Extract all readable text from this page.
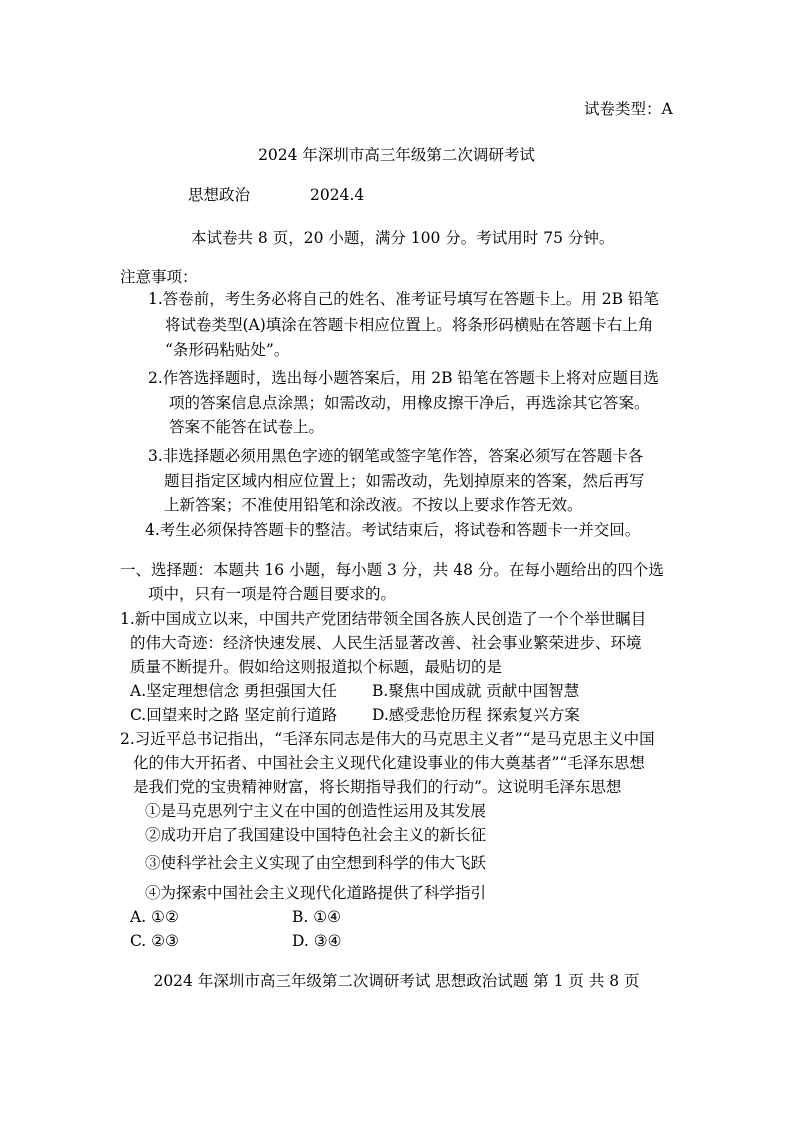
试卷类型：A
2024 年深圳市高三年级第二次调研考试
思想政治	2024.4
本试卷共 8 页，20 小题，满分 100 分。考试用时 75 分钟。
注意事项：
1.答卷前，考生务必将自己的姓名、准考证号填写在答题卡上。用 2B 铅笔
将试卷类型(A)填涂在答题卡相应位置上。将条形码横贴在答题卡右上角
“条形码粘贴处”。
2.作答选择题时，选出每小题答案后，用 2B 铅笔在答题卡上将对应题目选
项的答案信息点涂黑；如需改动，用橡皮擦干净后，再选涂其它答案。
答案不能答在试卷上。
3.非选择题必须用黑色字迹的钢笔或签字笔作答，答案必须写在答题卡各
题目指定区域内相应位置上；如需改动，先划掉原来的答案，然后再写
上新答案；不准使用铅笔和涂改液。不按以上要求作答无效。
4.考生必须保持答题卡的整洁。考试结束后，将试卷和答题卡一并交回。
一、选择题：本题共 16 小题，每小题 3 分，共 48 分。在每小题给出的四个选
项中，只有一项是符合题目要求的。
1.新中国成立以来，中国共产党团结带领全国各族人民创造了一个个举世瞩目
的伟大奇迹：经济快速发展、人民生活显著改善、社会事业繁荣进步、环境
质量不断提升。假如给这则报道拟个标题，最贴切的是
A.坚定理想信念 勇担强国大任 B.聚焦中国成就 贡献中国智慧
C.回望来时之路 坚定前行道路 D.感受悲怆历程 探索复兴方案
2.习近平总书记指出，“毛泽东同志是伟大的马克思主义者”“是马克思主义中国
化的伟大开拓者、中国社会主义现代化建设事业的伟大奠基者”“毛泽东思想
是我们党的宝贵精神财富，将长期指导我们的行动”。这说明毛泽东思想
①是马克思列宁主义在中国的创造性运用及其发展
②成功开启了我国建设中国特色社会主义的新长征
③使科学社会主义实现了由空想到科学的伟大飞跃
④为探索中国社会主义现代化道路提供了科学指引
A. ①②	B. ①④
C. ②③	D. ③④
2024 年深圳市高三年级第二次调研考试 思想政治试题 第 1 页 共 8 页
